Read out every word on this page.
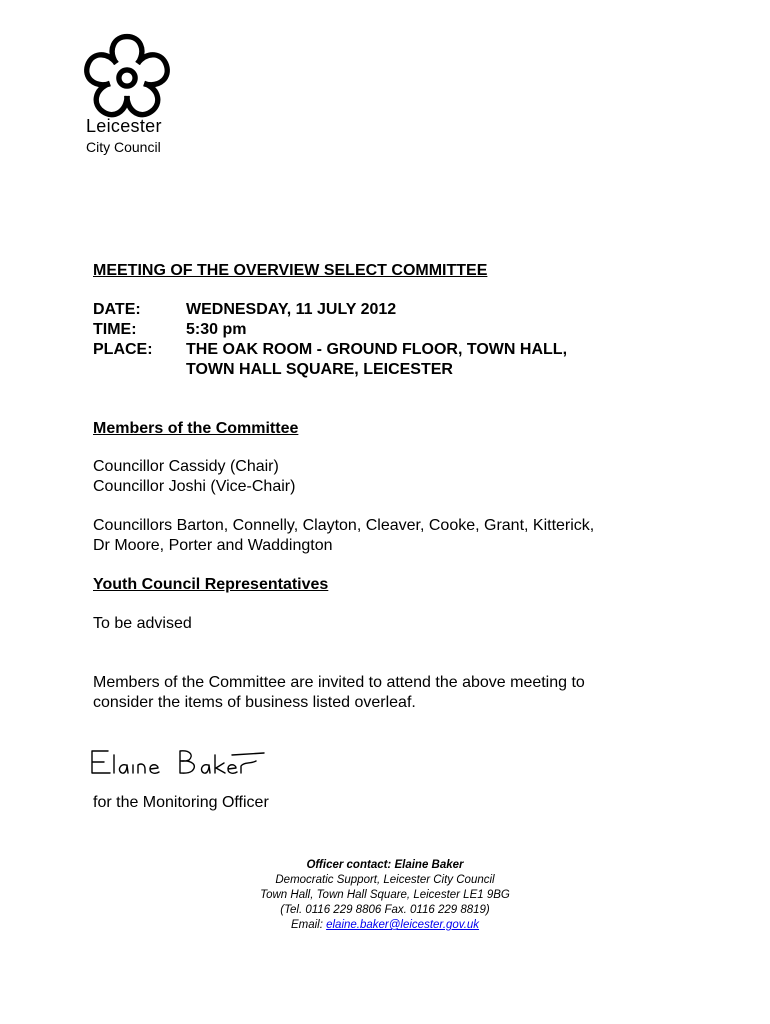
Leicester
City Council
MEETING OF THE OVERVIEW SELECT COMMITTEE
DATE:	WEDNESDAY, 11 JULY 2012
TIME:	5:30 pm
PLACE: THE OAK ROOM - GROUND FLOOR, TOWN HALL,
TOWN HALL SQUARE, LEICESTER
Members of the Committee
Councillor Cassidy (Chair)
Councillor Joshi (Vice-Chair)
Councillors Barton, Connelly, Clayton, Cleaver, Cooke, Grant, Kitterick,
Dr Moore, Porter and Waddington
Youth Council Representatives
To be advised
Members of the Committee are invited to attend the above meeting to
consider the items of business listed overleaf.
for the Monitoring Officer
Officer contact: Elaine Baker
Democratic Support, Leicester City Council
Town Hall, Town Hall Square, Leicester LE1 9BG
(Tel. 0116 229 8806 Fax. 0116 229 8819)
Email: elaine.baker@leicester.gov.uk
